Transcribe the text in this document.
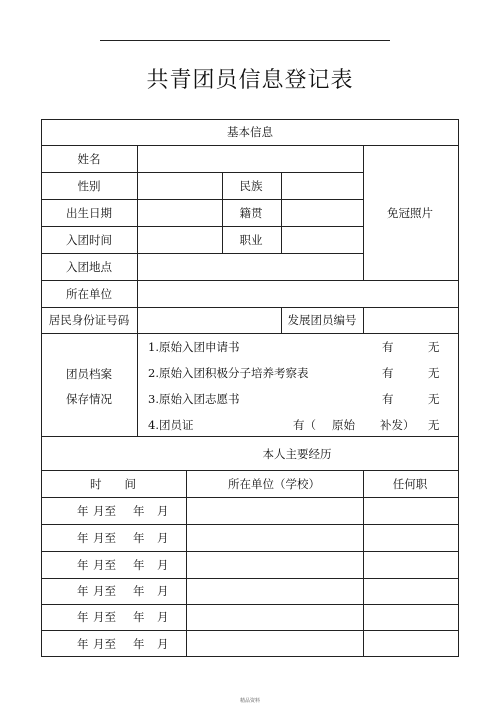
共青团员信息登记表
基本信息
姓名
性别	民族
出生日期	籍贯
入团时间	职业
入团地点
免冠照片
所在单位
居民身份证号码	发展团员编号
团员档案
保存情况
1.原始入团申请书	有	无
2.原始入团积极分子培养考察表	有	无
3.原始入团志愿书	有	无
4.团员证	有（ 原始 补发） 无
本人主要经历
时　　间	所在单位（学校）	任何职
年 月至 年 月
年 月至 年 月
年 月至 年 月
年 月至 年 月
年 月至 年 月
年 月至 年 月
精品资料
